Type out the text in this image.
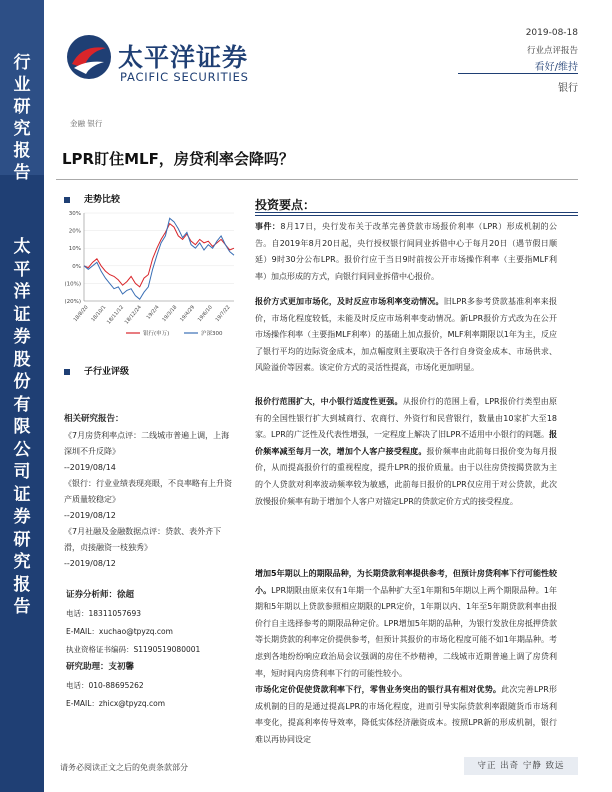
行
业
研
究
报
告
太
平
洋
证
券
股
份
有
限
公
司
证
券
研
究
报
告
太平洋证券
PACIFIC SECURITIES
2019-08-18
行业点评报告
看好/维持
银行
金融 银行
LPR盯住MLF，房贷利率会降吗？
走势比较
30%
20%
10%
0%
(10%)
(20%)
18/8/20 18/10/1
18/11/12
18/12/24 19/2/4 19/3/18 19/4/29 19/6/10 19/7/22
银行(申万)	沪深300
子行业评级
相关研究报告：
《7月房贷利率点评：二线城市普遍上调，上海深圳不升反降》
--2019/08/14
《银行：行业业绩表现亮眼，不良率略有上升资产质量较稳定》
--2019/08/12
《7月社融及金融数据点评：贷款、表外齐下滑，贞接融资一枝独秀》
--2019/08/12
证券分析师：徐超
电话：18311057693
E-MAIL：xuchao@tpyzq.com
执业资格证书编码：S1190519080001
研究助理：支初馨
电话：010-88695262
E-MAIL：zhicx@tpyzq.com
投资要点：
事件：8月17日，央行发布关于改革完善贷款市场报价利率（LPR）形成机制的公告。自2019年8月20日起，央行授权银行间同业拆借中心于每月20日（遇节假日顺延）9时30分公布LPR。报价行应于当日9时前按公开市场操作利率（主要指MLF利率）加点形成的方式，向银行间同业拆借中心报价。
报价方式更加市场化，及时反应市场利率变动情况。旧LPR多参考贷款基准利率来报价，市场化程度较低，未能及时反应市场利率变动情况。新LPR报价方式改为在公开市场操作利率（主要指MLF利率）的基础上加点报价，MLF利率期限以1年为主，反应了银行平均的边际资金成本，加点幅度则主要取决于各行自身资金成本、市场供求、风险溢价等因素。该定价方式的灵活性提高，市场化更加明显。
报价行范围扩大，中小银行适度性更强。从报价行的范围上看，LPR报价行类型由原有的全国性银行扩大到城商行、农商行、外资行和民营银行，数量由10家扩大至18家。LPR的广泛性及代表性增强，一定程度上解决了旧LPR不适用中小银行的问题。报价频率减至每月一次，增加个人客户接受程度。报价频率由此前每日报价变为每月报价，从而提高报价行的重视程度，提升LPR的报价质量。由于以往房贷按揭贷款为主的个人贷款对利率波动频率较为敏感，此前每日报价的LPR仅应用于对公贷款，此次放慢报价频率有助于增加个人客户对锚定LPR的贷款定价方式的接受程度。
增加5年期以上的期限品种，为长期贷款利率提供参考，但预计房贷利率下行可能性较小。LPR期限由原来仅有1年期一个品种扩大至1年期和5年期以上两个期限品种。1年期和5年期以上贷款参照相应期限的LPR定价，1年期以内、1年至5年期贷款利率由报价行自主选择参考的期限品种定价。LPR增加5年期的品种，为银行发放住房抵押贷款等长期贷款的利率定价提供参考，但预计其报价的市场化程度可能不如1年期品种。考虑到各地纷纷响应政治局会议强调的房住不炒精神，二线城市近期普遍上调了房贷利率，短时间内房贷利率下行的可能性较小。
市场化定价促使贷款利率下行，零售业务突出的银行具有相对优势。此次完善LPR形成机制的目的是通过提高LPR的市场化程度，进而引导实际贷款利率跟随货币市场利率变化，提高利率传导效率，降低实体经济融资成本。按照LPR新的形成机制，银行难以再协同设定
请务必阅读正文之后的免责条款部分	守正 出奇 宁静 致远
